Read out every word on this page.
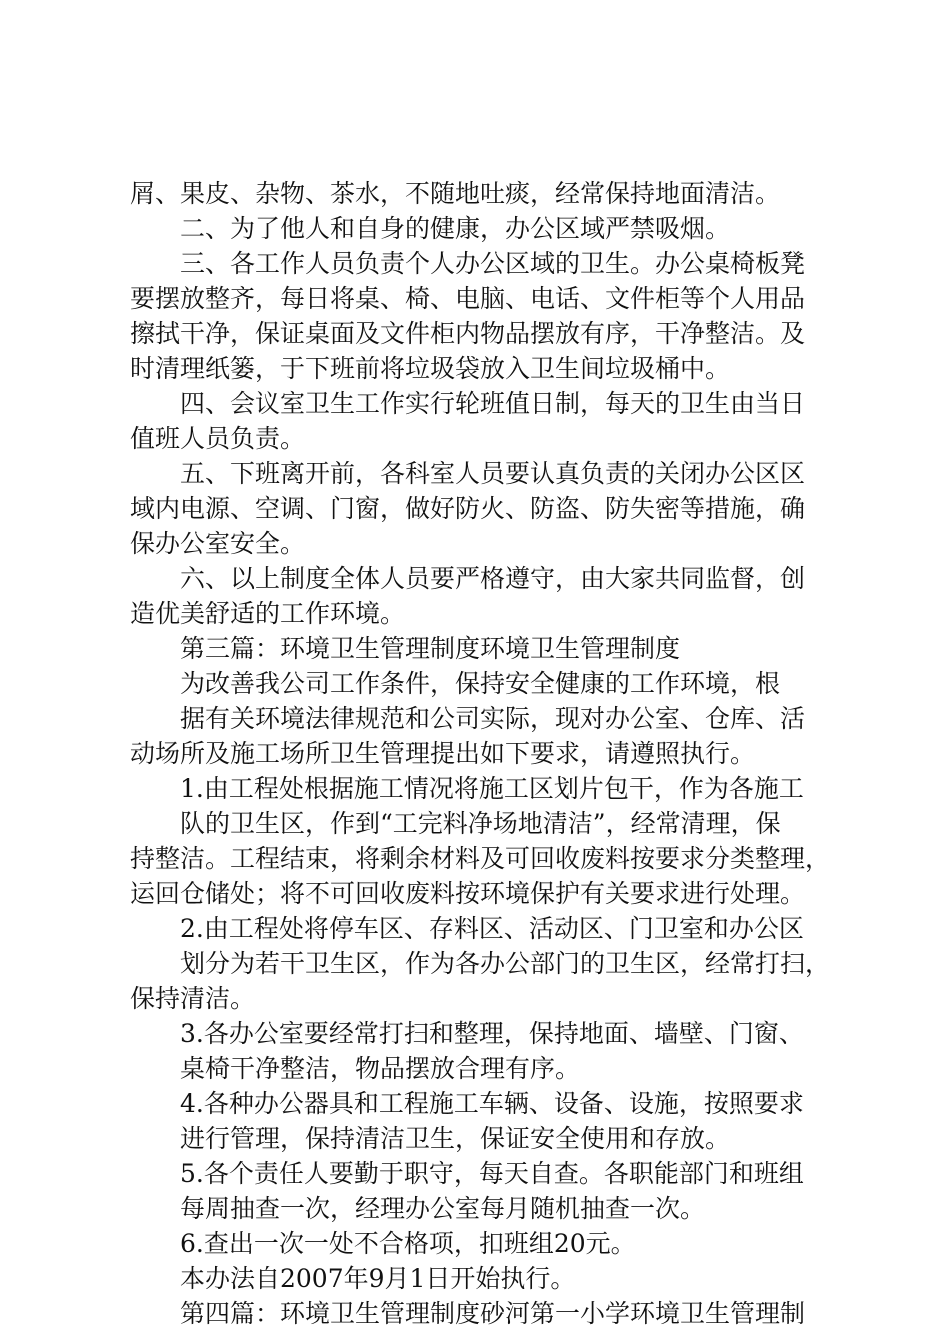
屑、果皮、杂物、茶水，不随地吐痰，经常保持地面清洁。
二、为了他人和自身的健康，办公区域严禁吸烟。
三、各工作人员负责个人办公区域的卫生。办公桌椅板凳
要摆放整齐，每日将桌、椅、电脑、电话、文件柜等个人用品
擦拭干净，保证桌面及文件柜内物品摆放有序，干净整洁。及
时清理纸篓，于下班前将垃圾袋放入卫生间垃圾桶中。
四、会议室卫生工作实行轮班值日制，每天的卫生由当日
值班人员负责。
五、下班离开前，各科室人员要认真负责的关闭办公区区
域内电源、空调、门窗，做好防火、防盗、防失密等措施，确
保办公室安全。
六、以上制度全体人员要严格遵守，由大家共同监督，创
造优美舒适的工作环境。
第三篇：环境卫生管理制度环境卫生管理制度
为改善我公司工作条件，保持安全健康的工作环境，根
据有关环境法律规范和公司实际，现对办公室、仓库、活
动场所及施工场所卫生管理提出如下要求，请遵照执行。
1.由工程处根据施工情况将施工区划片包干，作为各施工
队的卫生区，作到“工完料净场地清洁”，经常清理，保
持整洁。工程结束，将剩余材料及可回收废料按要求分类整理，
运回仓储处；将不可回收废料按环境保护有关要求进行处理。
2.由工程处将停车区、存料区、活动区、门卫室和办公区
划分为若干卫生区，作为各办公部门的卫生区，经常打扫，
保持清洁。
3.各办公室要经常打扫和整理，保持地面、墙壁、门窗、
桌椅干净整洁，物品摆放合理有序。
4.各种办公器具和工程施工车辆、设备、设施，按照要求
进行管理，保持清洁卫生，保证安全使用和存放。
5.各个责任人要勤于职守，每天自查。各职能部门和班组
每周抽查一次，经理办公室每月随机抽查一次。
6.查出一次一处不合格项，扣班组20元。
本办法自2007年9月1日开始执行。
第四篇：环境卫生管理制度砂河第一小学环境卫生管理制
